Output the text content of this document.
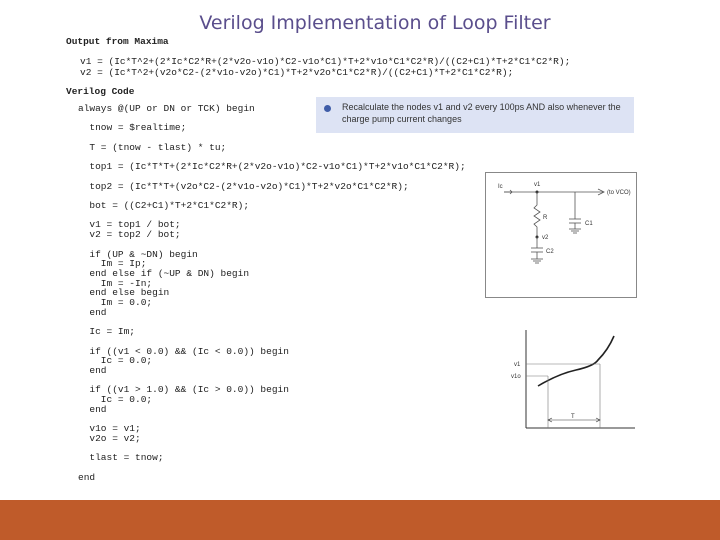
Verilog Implementation of Loop Filter
Output from Maxima
v1 = (Ic*T^2+(2*Ic*C2*R+(2*v2o-v1o)*C2-v1o*C1)*T+2*v1o*C1*C2*R)/((C2+C1)*T+2*C1*C2*R);
v2 = (Ic*T^2+(v2o*C2-(2*v1o-v2o)*C1)*T+2*v2o*C1*C2*R)/((C2+C1)*T+2*C1*C2*R);
Verilog Code
always @(UP or DN or TCK) begin
tnow = $realtime;
T = (tnow - tlast) * tu;
top1 = (Ic*T*T+(2*Ic*C2*R+(2*v2o-v1o)*C2-v1o*C1)*T+2*v1o*C1*C2*R);
top2 = (Ic*T*T+(v2o*C2-(2*v1o-v2o)*C1)*T+2*v2o*C1*C2*R);
bot = ((C2+C1)*T+2*C1*C2*R);
v1 = top1 / bot;
v2 = top2 / bot;
if (UP & ~DN) begin
Im = Ip;
end else if (~UP & DN) begin
Im = -In;
end else begin
Im = 0.0;
end
Ic = Im;
if ((v1 < 0.0) && (Ic < 0.0)) begin
Ic = 0.0;
end
if ((v1 > 1.0) && (Ic > 0.0)) begin
Ic = 0.0;
end
v1o = v1;
v2o = v2;
tlast = tnow;
end
Recalculate the nodes v1 and v2 every 100ps AND also whenever the charge pump current changes
Ic	v1
(to VCO)
R
v2
C2
C1
v1
v1o
T
